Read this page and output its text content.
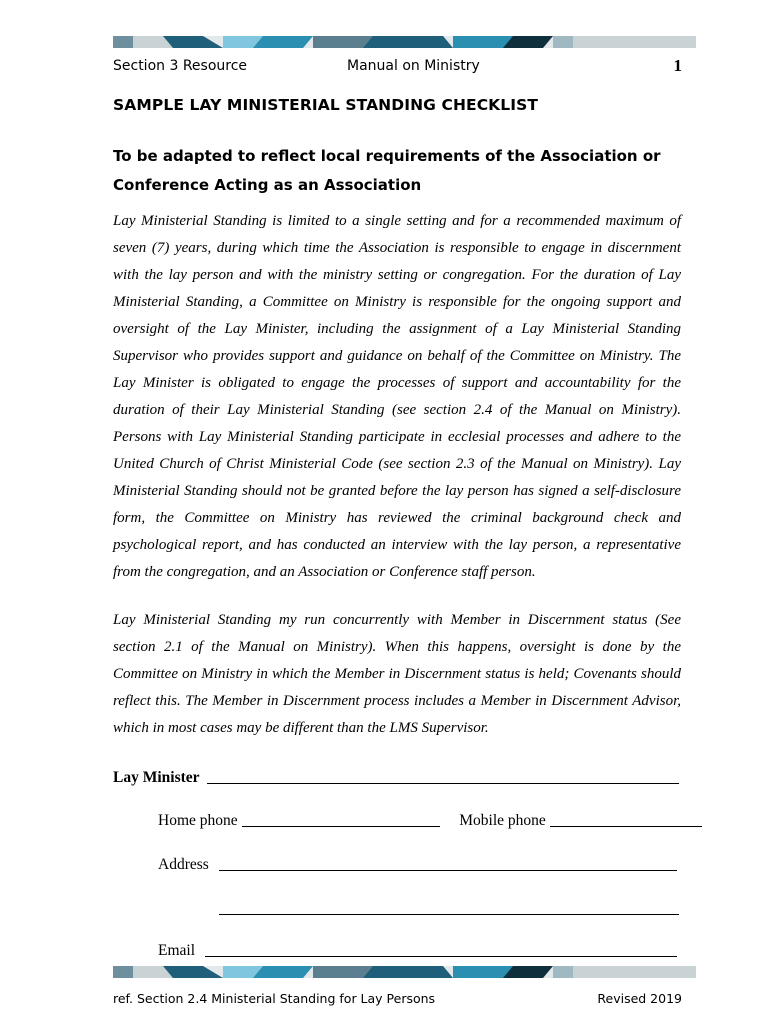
Section 3 Resource	Manual on Ministry	1
SAMPLE LAY MINISTERIAL STANDING CHECKLIST
To be adapted to reflect local requirements of the Association or Conference Acting as an Association
Lay Ministerial Standing is limited to a single setting and for a recommended maximum of seven (7) years, during which time the Association is responsible to engage in discernment with the lay person and with the ministry setting or congregation. For the duration of Lay Ministerial Standing, a Committee on Ministry is responsible for the ongoing support and oversight of the Lay Minister, including the assignment of a Lay Ministerial Standing Supervisor who provides support and guidance on behalf of the Committee on Ministry. The Lay Minister is obligated to engage the processes of support and accountability for the duration of their Lay Ministerial Standing (see section 2.4 of the Manual on Ministry). Persons with Lay Ministerial Standing participate in ecclesial processes and adhere to the United Church of Christ Ministerial Code (see section 2.3 of the Manual on Ministry). Lay Ministerial Standing should not be granted before the lay person has signed a self-disclosure form, the Committee on Ministry has reviewed the criminal background check and psychological report, and has conducted an interview with the lay person, a representative from the congregation, and an Association or Conference staff person.
Lay Ministerial Standing my run concurrently with Member in Discernment status (See section 2.1 of the Manual on Ministry). When this happens, oversight is done by the Committee on Ministry in which the Member in Discernment status is held; Covenants should reflect this. The Member in Discernment process includes a Member in Discernment Advisor, which in most cases may be different than the LMS Supervisor.
Lay Minister
Home phone	Mobile phone
Address
Email
ref. Section 2.4 Ministerial Standing for Lay Persons	Revised 2019
